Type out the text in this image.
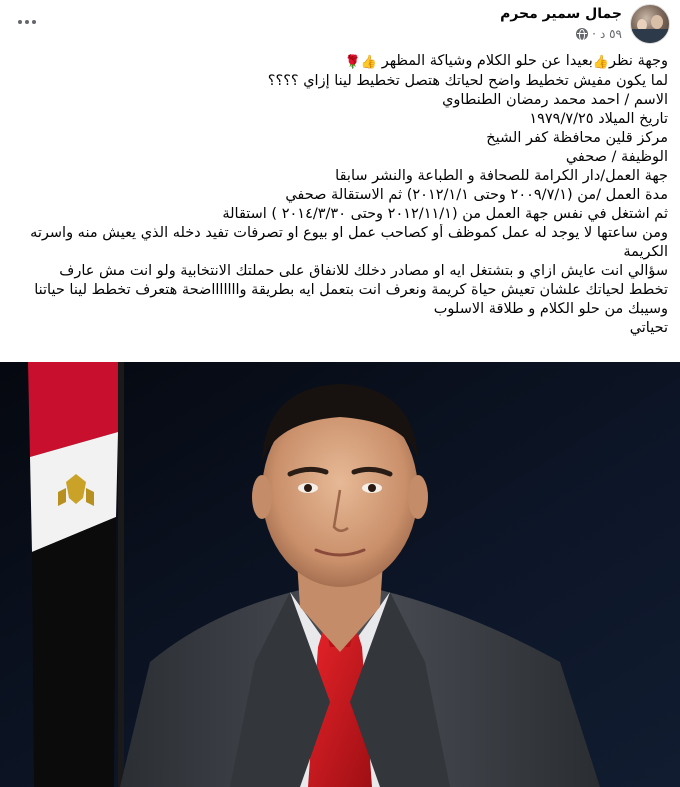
جمال سمير محرم
٥٩ د
·
وجهة نظر👍بعيدا عن حلو الكلام وشياكة المظهر 👍🌹
لما يكون مفيش تخطيط واضح لحياتك هتصل تخطيط لينا إزاي ؟؟؟؟
الاسم / احمد محمد رمضان الطنطاوي
تاريخ الميلاد ١٩٧٩/٧/٢٥
مركز قلين محافظة كفر الشيخ
الوظيفة / صحفي
جهة العمل/دار الكرامة للصحافة و الطباعة والنشر سابقا
مدة العمل /من (٢٠٠٩/٧/١ وحتى ٢٠١٢/١/١) ثم الاستقالة صحفي
ثم اشتغل في نفس جهة العمل من (٢٠١٢/١١/١ وحتى ٢٠١٤/٣/٣٠ ) استقالة
ومن ساعتها لا يوجد له عمل كموظف أو كصاحب عمل او بيوع او تصرفات تفيد دخله الذي يعيش منه واسرته
الكريمة
سؤالي انت عايش ازاي و بتشتغل ايه او مصادر دخلك للانفاق على حملتك الانتخابية ولو انت مش عارف
تخطط لحياتك علشان تعيش حياة كريمة ونعرف انت بتعمل ايه بطريقة واااااااضحة هتعرف تخطط لينا حياتنا
وسيبك من حلو الكلام و طلاقة الاسلوب
تحياتي
